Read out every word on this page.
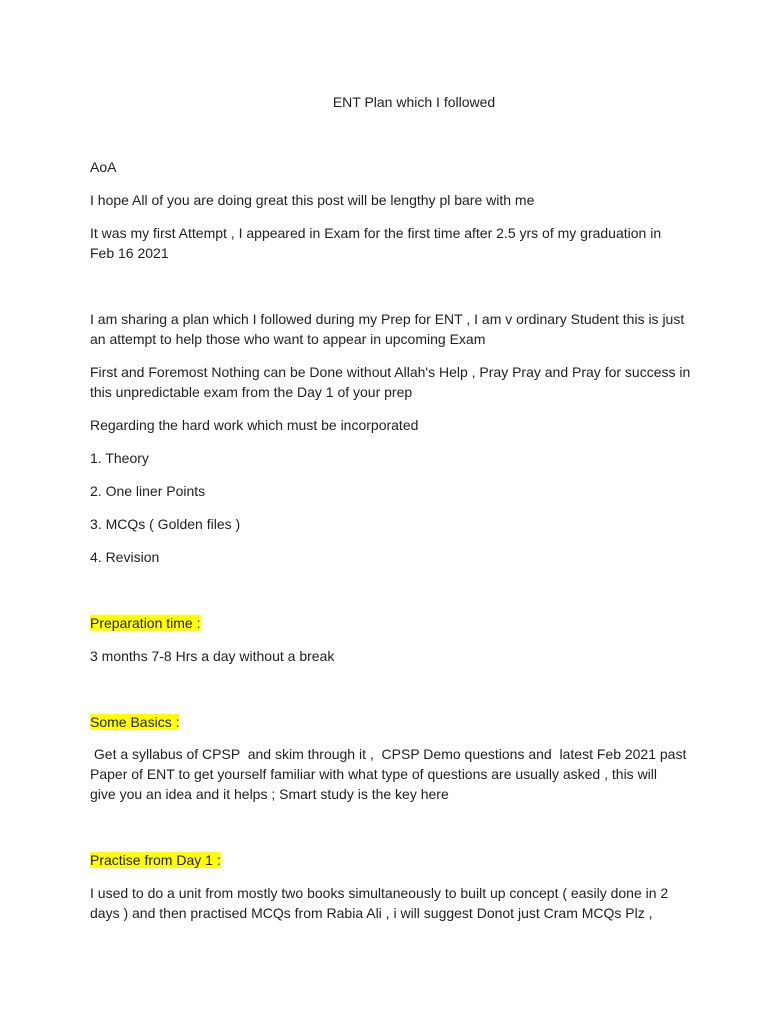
ENT Plan which I followed
AoA
I hope All of you are doing great this post will be lengthy pl bare with me
It was my first Attempt , I appeared in Exam for the first time after 2.5 yrs of my graduation in
Feb 16 2021
I am sharing a plan which I followed during my Prep for ENT , I am v ordinary Student this is just
an attempt to help those who want to appear in upcoming Exam
First and Foremost Nothing can be Done without Allah's Help , Pray Pray and Pray for success in
this unpredictable exam from the Day 1 of your prep
Regarding the hard work which must be incorporated
1. Theory
2. One liner Points
3. MCQs ( Golden files )
4. Revision
Preparation time :
3 months 7-8 Hrs a day without a break
Some Basics :
Get a syllabus of CPSP  and skim through it ,  CPSP Demo questions and  latest Feb 2021 past
Paper of ENT to get yourself familiar with what type of questions are usually asked , this will
give you an idea and it helps ; Smart study is the key here
Practise from Day 1 :
I used to do a unit from mostly two books simultaneously to built up concept ( easily done in 2
days ) and then practised MCQs from Rabia Ali , i will suggest Donot just Cram MCQs Plz ,
